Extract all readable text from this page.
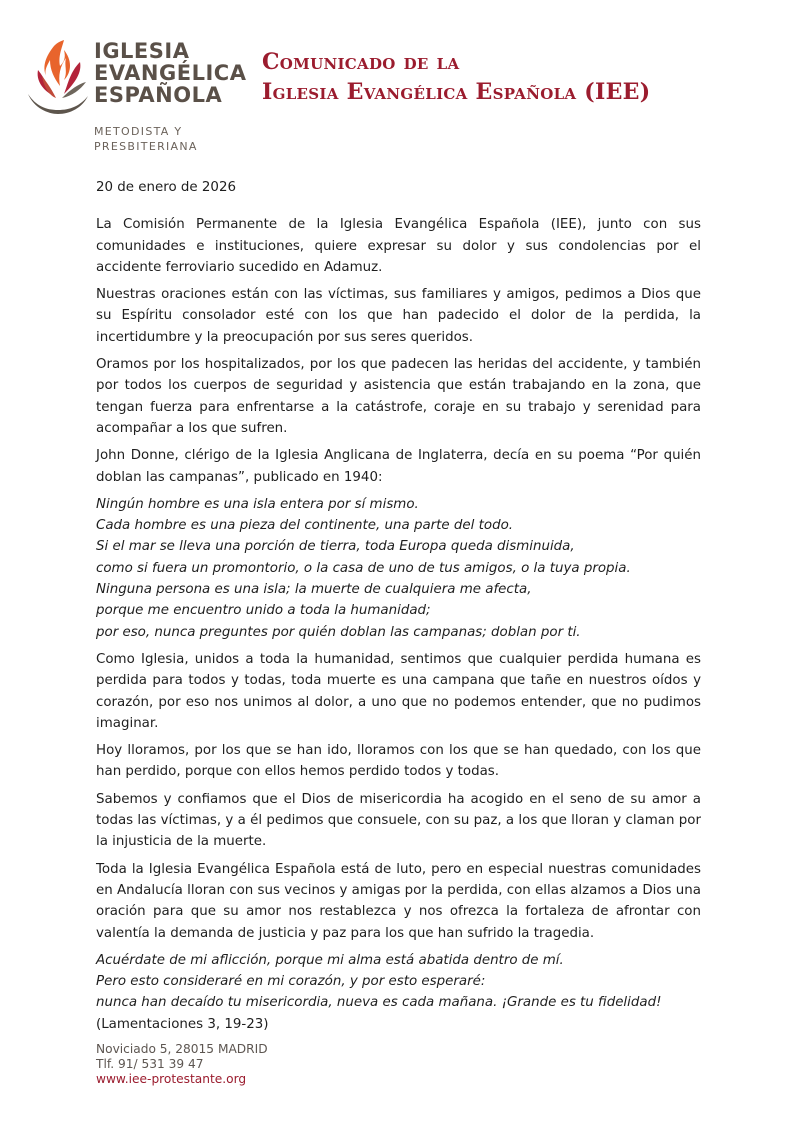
IGLESIA
EVANGÉLICA
ESPAÑOLA
METODISTA Y
PRESBITERIANA
Comunicado de la
Iglesia Evangélica Española (IEE)

20 de enero de 2026

La Comisión Permanente de la Iglesia Evangélica Española (IEE), junto con sus comunidades e instituciones, quiere expresar su dolor y sus condolencias por el accidente ferroviario sucedido en Adamuz.

Nuestras oraciones están con las víctimas, sus familiares y amigos, pedimos a Dios que su Espíritu consolador esté con los que han padecido el dolor de la perdida, la incertidumbre y la preocupación por sus seres queridos.

Oramos por los hospitalizados, por los que padecen las heridas del accidente, y también por todos los cuerpos de seguridad y asistencia que están trabajando en la zona, que tengan fuerza para enfrentarse a la catástrofe, coraje en su trabajo y serenidad para acompañar a los que sufren.

John Donne, clérigo de la Iglesia Anglicana de Inglaterra, decía en su poema “Por quién doblan las campanas”, publicado en 1940:

Ningún hombre es una isla entera por sí mismo.
Cada hombre es una pieza del continente, una parte del todo.
Si el mar se lleva una porción de tierra, toda Europa queda disminuida,
como si fuera un promontorio, o la casa de uno de tus amigos, o la tuya propia.
Ninguna persona es una isla; la muerte de cualquiera me afecta,
porque me encuentro unido a toda la humanidad;
por eso, nunca preguntes por quién doblan las campanas; doblan por ti.

Como Iglesia, unidos a toda la humanidad, sentimos que cualquier perdida humana es perdida para todos y todas, toda muerte es una campana que tañe en nuestros oídos y corazón, por eso nos unimos al dolor, a uno que no podemos entender, que no pudimos imaginar.

Hoy lloramos, por los que se han ido, lloramos con los que se han quedado, con los que han perdido, porque con ellos hemos perdido todos y todas.

Sabemos y confiamos que el Dios de misericordia ha acogido en el seno de su amor a todas las víctimas, y a él pedimos que consuele, con su paz, a los que lloran y claman por la injusticia de la muerte.

Toda la Iglesia Evangélica Española está de luto, pero en especial nuestras comunidades en Andalucía lloran con sus vecinos y amigas por la perdida, con ellas alzamos a Dios una oración para que su amor nos restablezca y nos ofrezca la fortaleza de afrontar con valentía la demanda de justicia y paz para los que han sufrido la tragedia.

Acuérdate de mi aflicción, porque mi alma está abatida dentro de mí.
Pero esto consideraré en mi corazón, y por esto esperaré:
nunca han decaído tu misericordia, nueva es cada mañana. ¡Grande es tu fidelidad!

(Lamentaciones 3, 19-23)

Noviciado 5, 28015 MADRID
Tlf. 91/ 531 39 47
www.iee-protestante.org
